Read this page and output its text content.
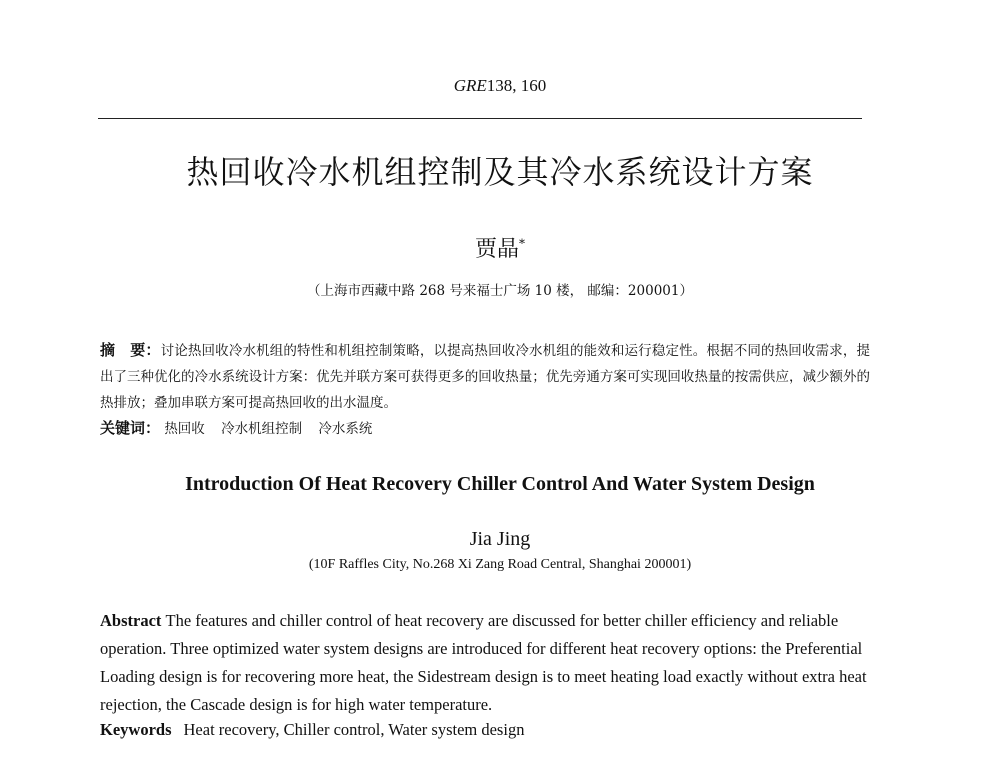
GRE138, 160
热回收冷水机组控制及其冷水系统设计方案
贾晶*
（上海市西藏中路 268 号来福士广场 10 楼， 邮编：200001）
摘　要：讨论热回收冷水机组的特性和机组控制策略，以提高热回收冷水机组的能效和运行稳定性。根据不同的热回收需求，提出了三种优化的冷水系统设计方案：优先并联方案可获得更多的回收热量；优先旁通方案可实现回收热量的按需供应，减少额外的热排放；叠加串联方案可提高热回收的出水温度。
关键词： 热回收 冷水机组控制 冷水系统
Introduction Of Heat Recovery Chiller Control And Water System Design
Jia Jing
(10F Raffles City, No.268 Xi Zang Road Central, Shanghai 200001)
Abstract The features and chiller control of heat recovery are discussed for better chiller efficiency and reliable operation. Three optimized water system designs are introduced for different heat recovery options: the Preferential Loading design is for recovering more heat, the Sidestream design is to meet heating load exactly without extra heat rejection, the Cascade design is for high water temperature.
Keywords Heat recovery, Chiller control, Water system design
